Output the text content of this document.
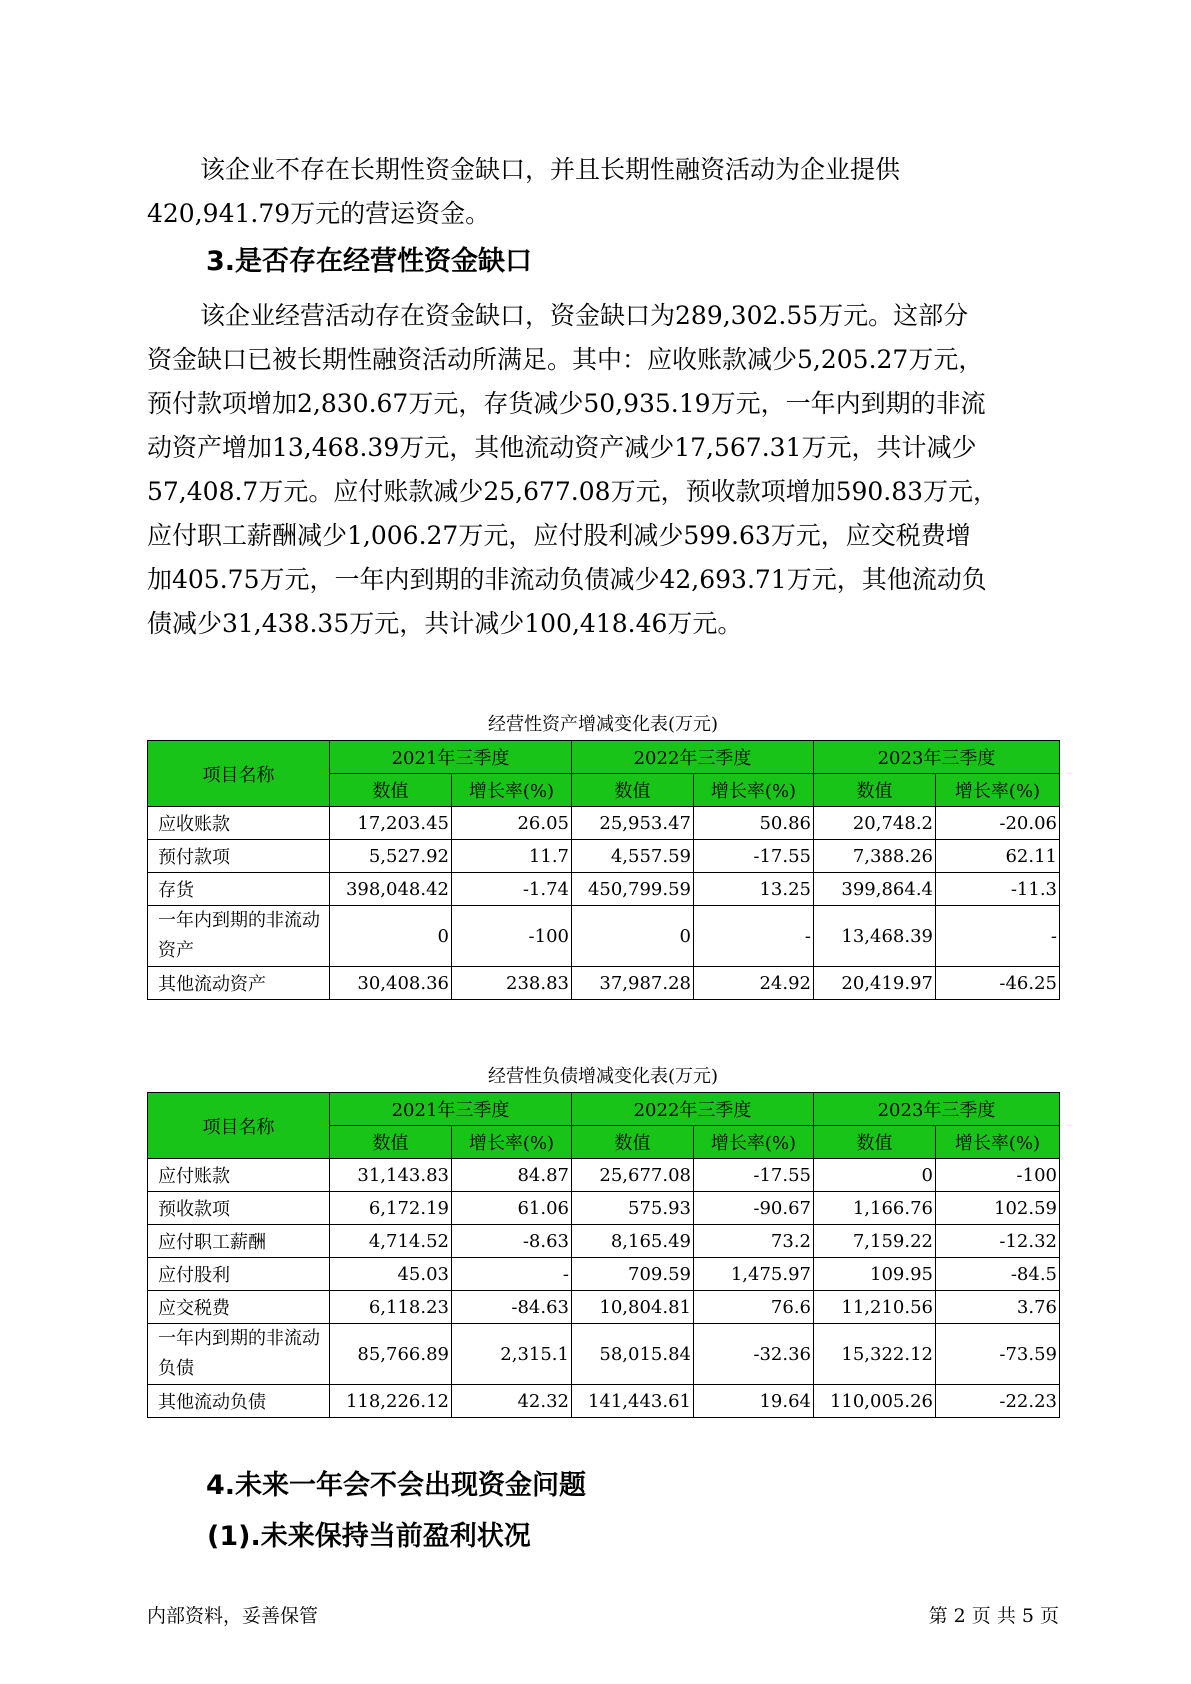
该企业不存在长期性资金缺口，并且长期性融资活动为企业提供
420,941.79万元的营运资金。

3.是否存在经营性资金缺口

该企业经营活动存在资金缺口，资金缺口为289,302.55万元。这部分
资金缺口已被长期性融资活动所满足。其中：应收账款减少5,205.27万元，
预付款项增加2,830.67万元，存货减少50,935.19万元，一年内到期的非流
动资产增加13,468.39万元，其他流动资产减少17,567.31万元，共计减少
57,408.7万元。应付账款减少25,677.08万元，预收款项增加590.83万元，
应付职工薪酬减少1,006.27万元，应付股利减少599.63万元，应交税费增
加405.75万元，一年内到期的非流动负债减少42,693.71万元，其他流动负
债减少31,438.35万元，共计减少100,418.46万元。

经营性资产增减变化表(万元)

项目名称	2021年三季度		2022年三季度		2023年三季度	
	数值	增长率(%)	数值	增长率(%)	数值	增长率(%)
应收账款	17,203.45	26.05	25,953.47	50.86	20,748.2	-20.06
预付款项	5,527.92	11.7	4,557.59	-17.55	7,388.26	62.11
存货	398,048.42	-1.74	450,799.59	13.25	399,864.4	-11.3
一年内到期的非流动资产	0	-100	0	-	13,468.39	-
其他流动资产	30,408.36	238.83	37,987.28	24.92	20,419.97	-46.25

经营性负债增减变化表(万元)

项目名称	2021年三季度		2022年三季度		2023年三季度	
	数值	增长率(%)	数值	增长率(%)	数值	增长率(%)
应付账款	31,143.83	84.87	25,677.08	-17.55	0	-100
预收款项	6,172.19	61.06	575.93	-90.67	1,166.76	102.59
应付职工薪酬	4,714.52	-8.63	8,165.49	73.2	7,159.22	-12.32
应付股利	45.03	-	709.59	1,475.97	109.95	-84.5
应交税费	6,118.23	-84.63	10,804.81	76.6	11,210.56	3.76
一年内到期的非流动负债	85,766.89	2,315.1	58,015.84	-32.36	15,322.12	-73.59
其他流动负债	118,226.12	42.32	141,443.61	19.64	110,005.26	-22.23
4.未来一年会不会出现资金问题
(1).未来保持当前盈利状况
内部资料，妥善保管	第 2 页 共 5 页
